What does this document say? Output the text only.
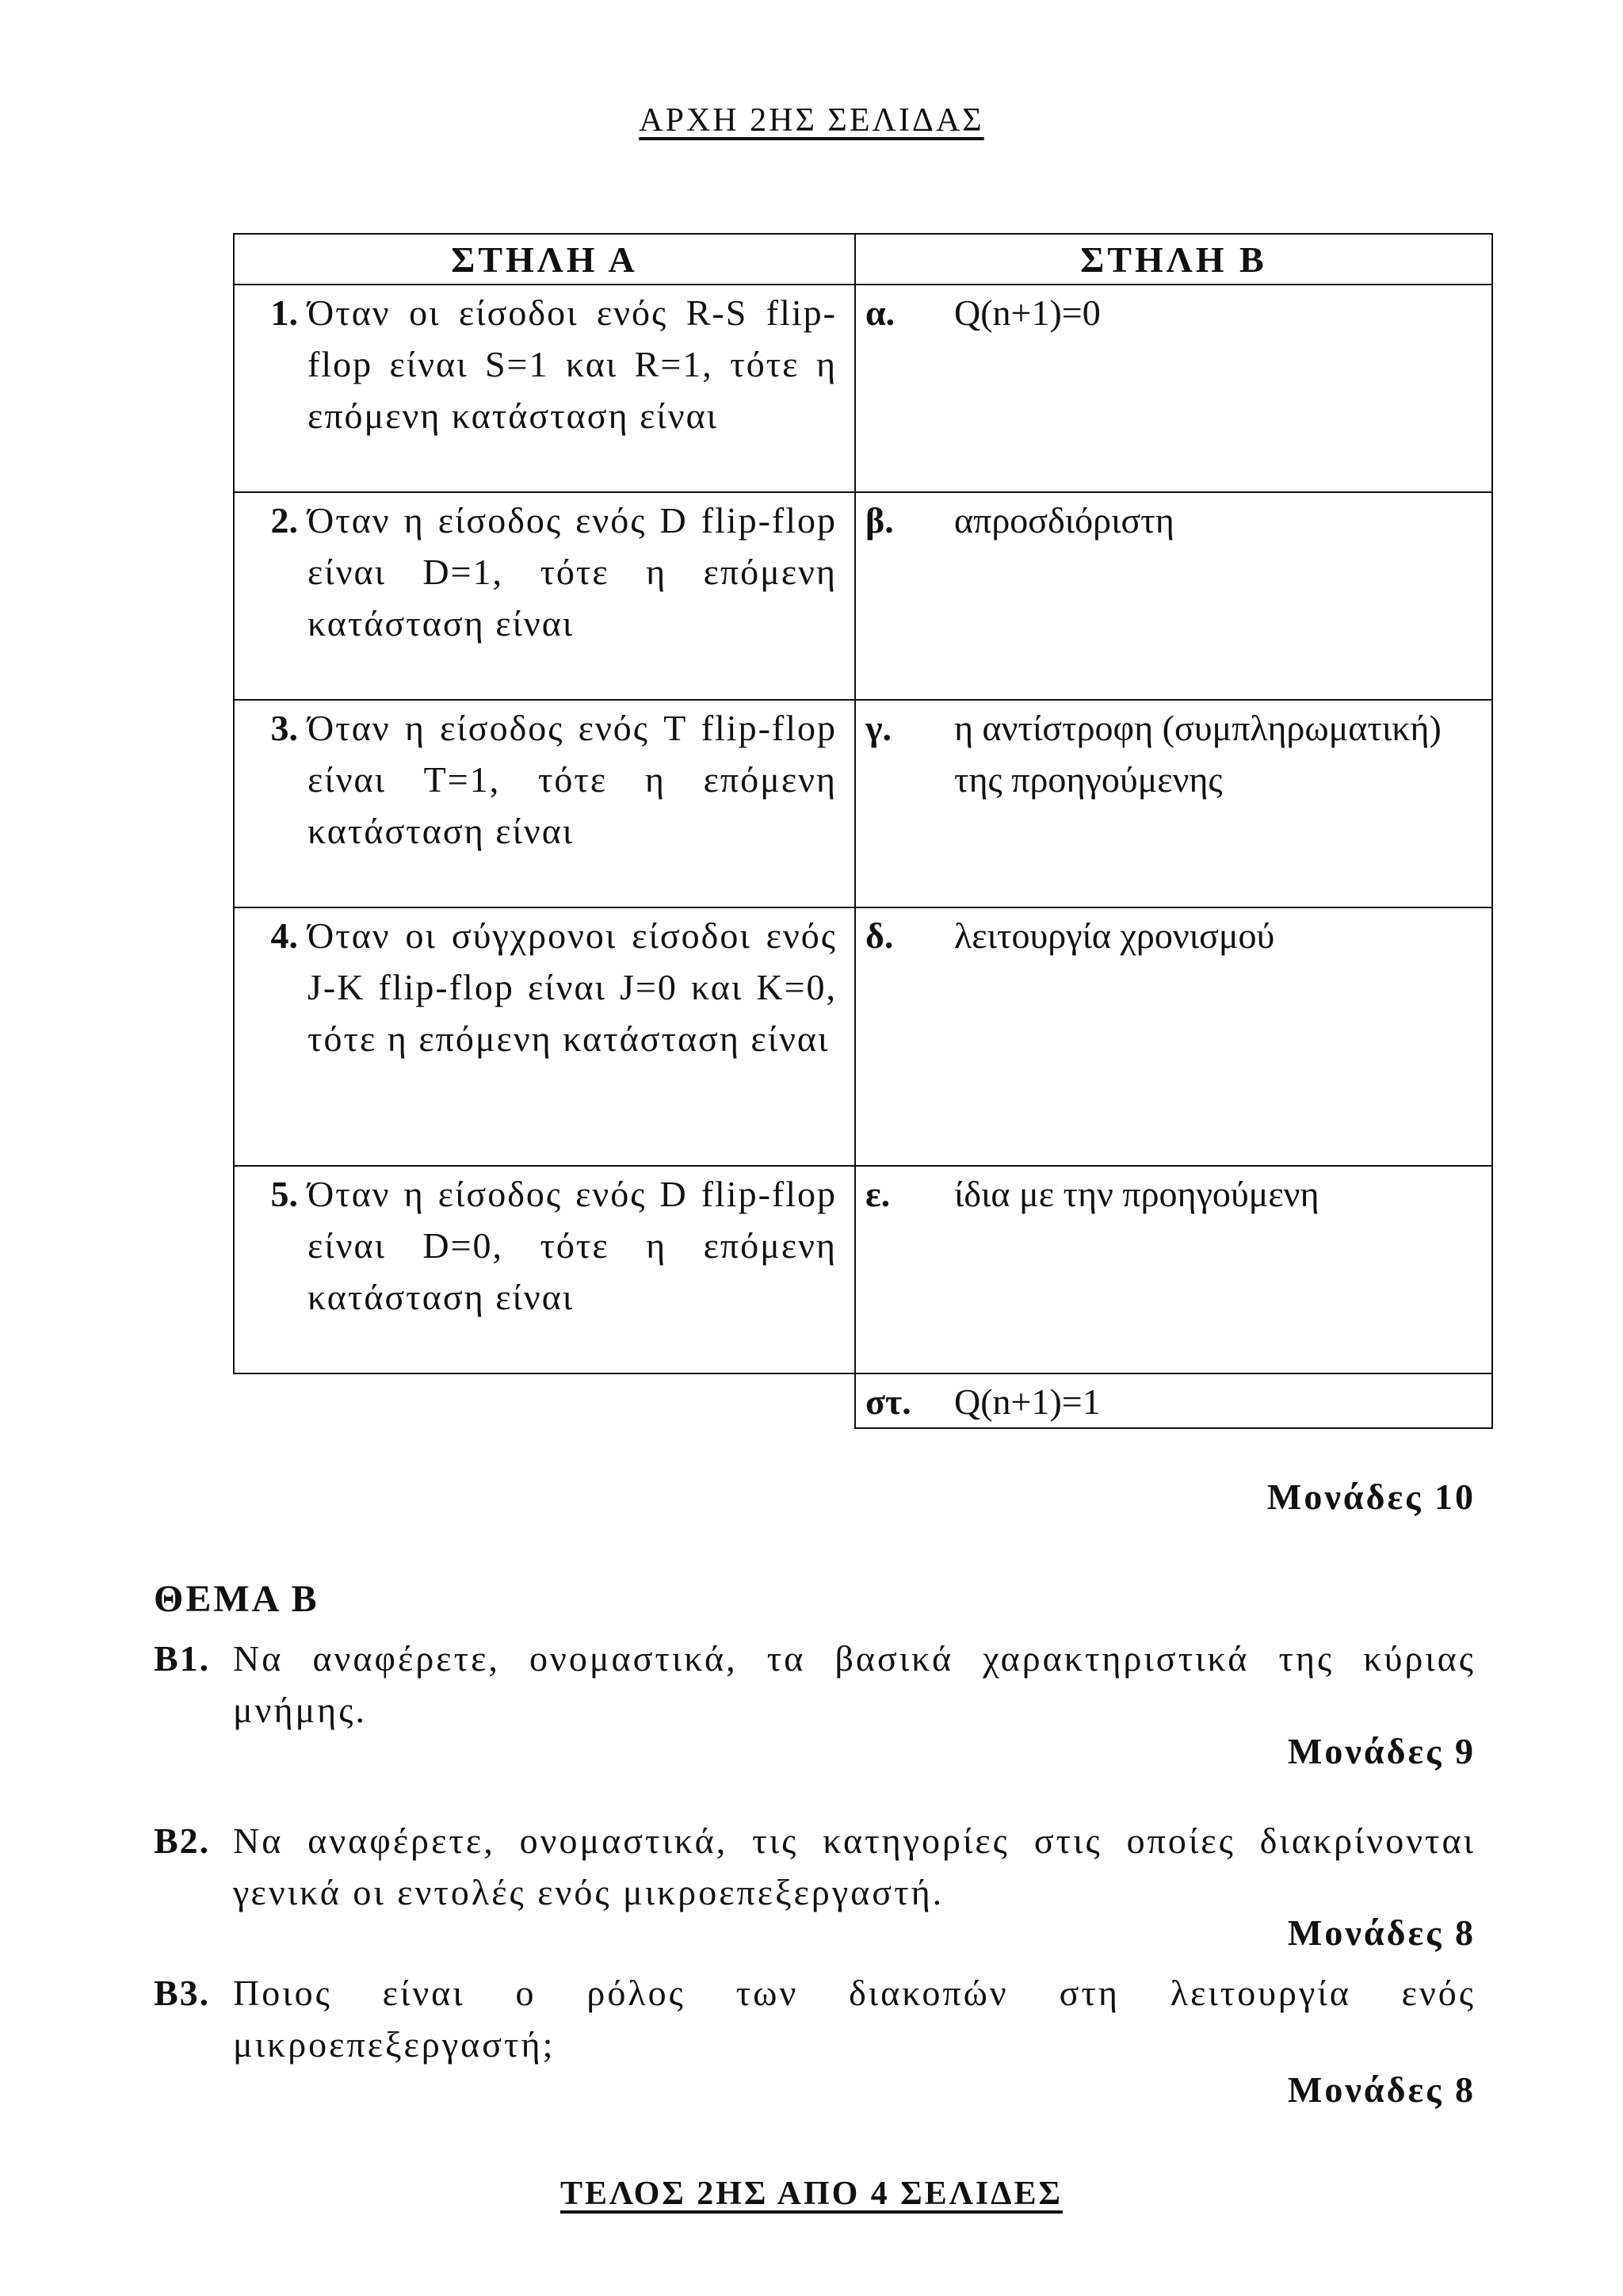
ΑΡΧΗ 2ΗΣ ΣΕΛΙΔΑΣ
ΣΤΗΛΗ Α	ΣΤΗΛΗ Β

1. Όταν οι είσοδοι ενός R-S flip-flop είναι S=1 και R=1, τότε η επόμενη κατάσταση είναι	α. Q(n+1)=0

2. Όταν η είσοδος ενός D flip-flop είναι D=1, τότε η επόμενη κατάσταση είναι	β. απροσδιόριστη

3. Όταν η είσοδος ενός T flip-flop είναι T=1, τότε η επόμενη κατάσταση είναι	γ. η αντίστροφη (συμπληρωματική) της προηγούμενης

4. Όταν οι σύγχρονοι είσοδοι ενός J-K flip-flop είναι J=0 και K=0, τότε η επόμενη κατάσταση είναι	δ. λειτουργία χρονισμού

5. Όταν η είσοδος ενός D flip-flop είναι D=0, τότε η επόμενη κατάσταση είναι	ε. ίδια με την προηγούμενη

	στ. Q(n+1)=1
Μονάδες 10
ΘΕΜΑ Β
Β1. Να αναφέρετε, ονομαστικά, τα βασικά χαρακτηριστικά της κύριας μνήμης.
Μονάδες 9
Β2. Να αναφέρετε, ονομαστικά, τις κατηγορίες στις οποίες διακρίνονται γενικά οι εντολές ενός μικροεπεξεργαστή.
Μονάδες 8
Β3. Ποιος είναι ο ρόλος των διακοπών στη λειτουργία ενός μικροεπεξεργαστή;
Μονάδες 8
ΤΕΛΟΣ 2ΗΣ ΑΠΟ 4 ΣΕΛΙΔΕΣ
